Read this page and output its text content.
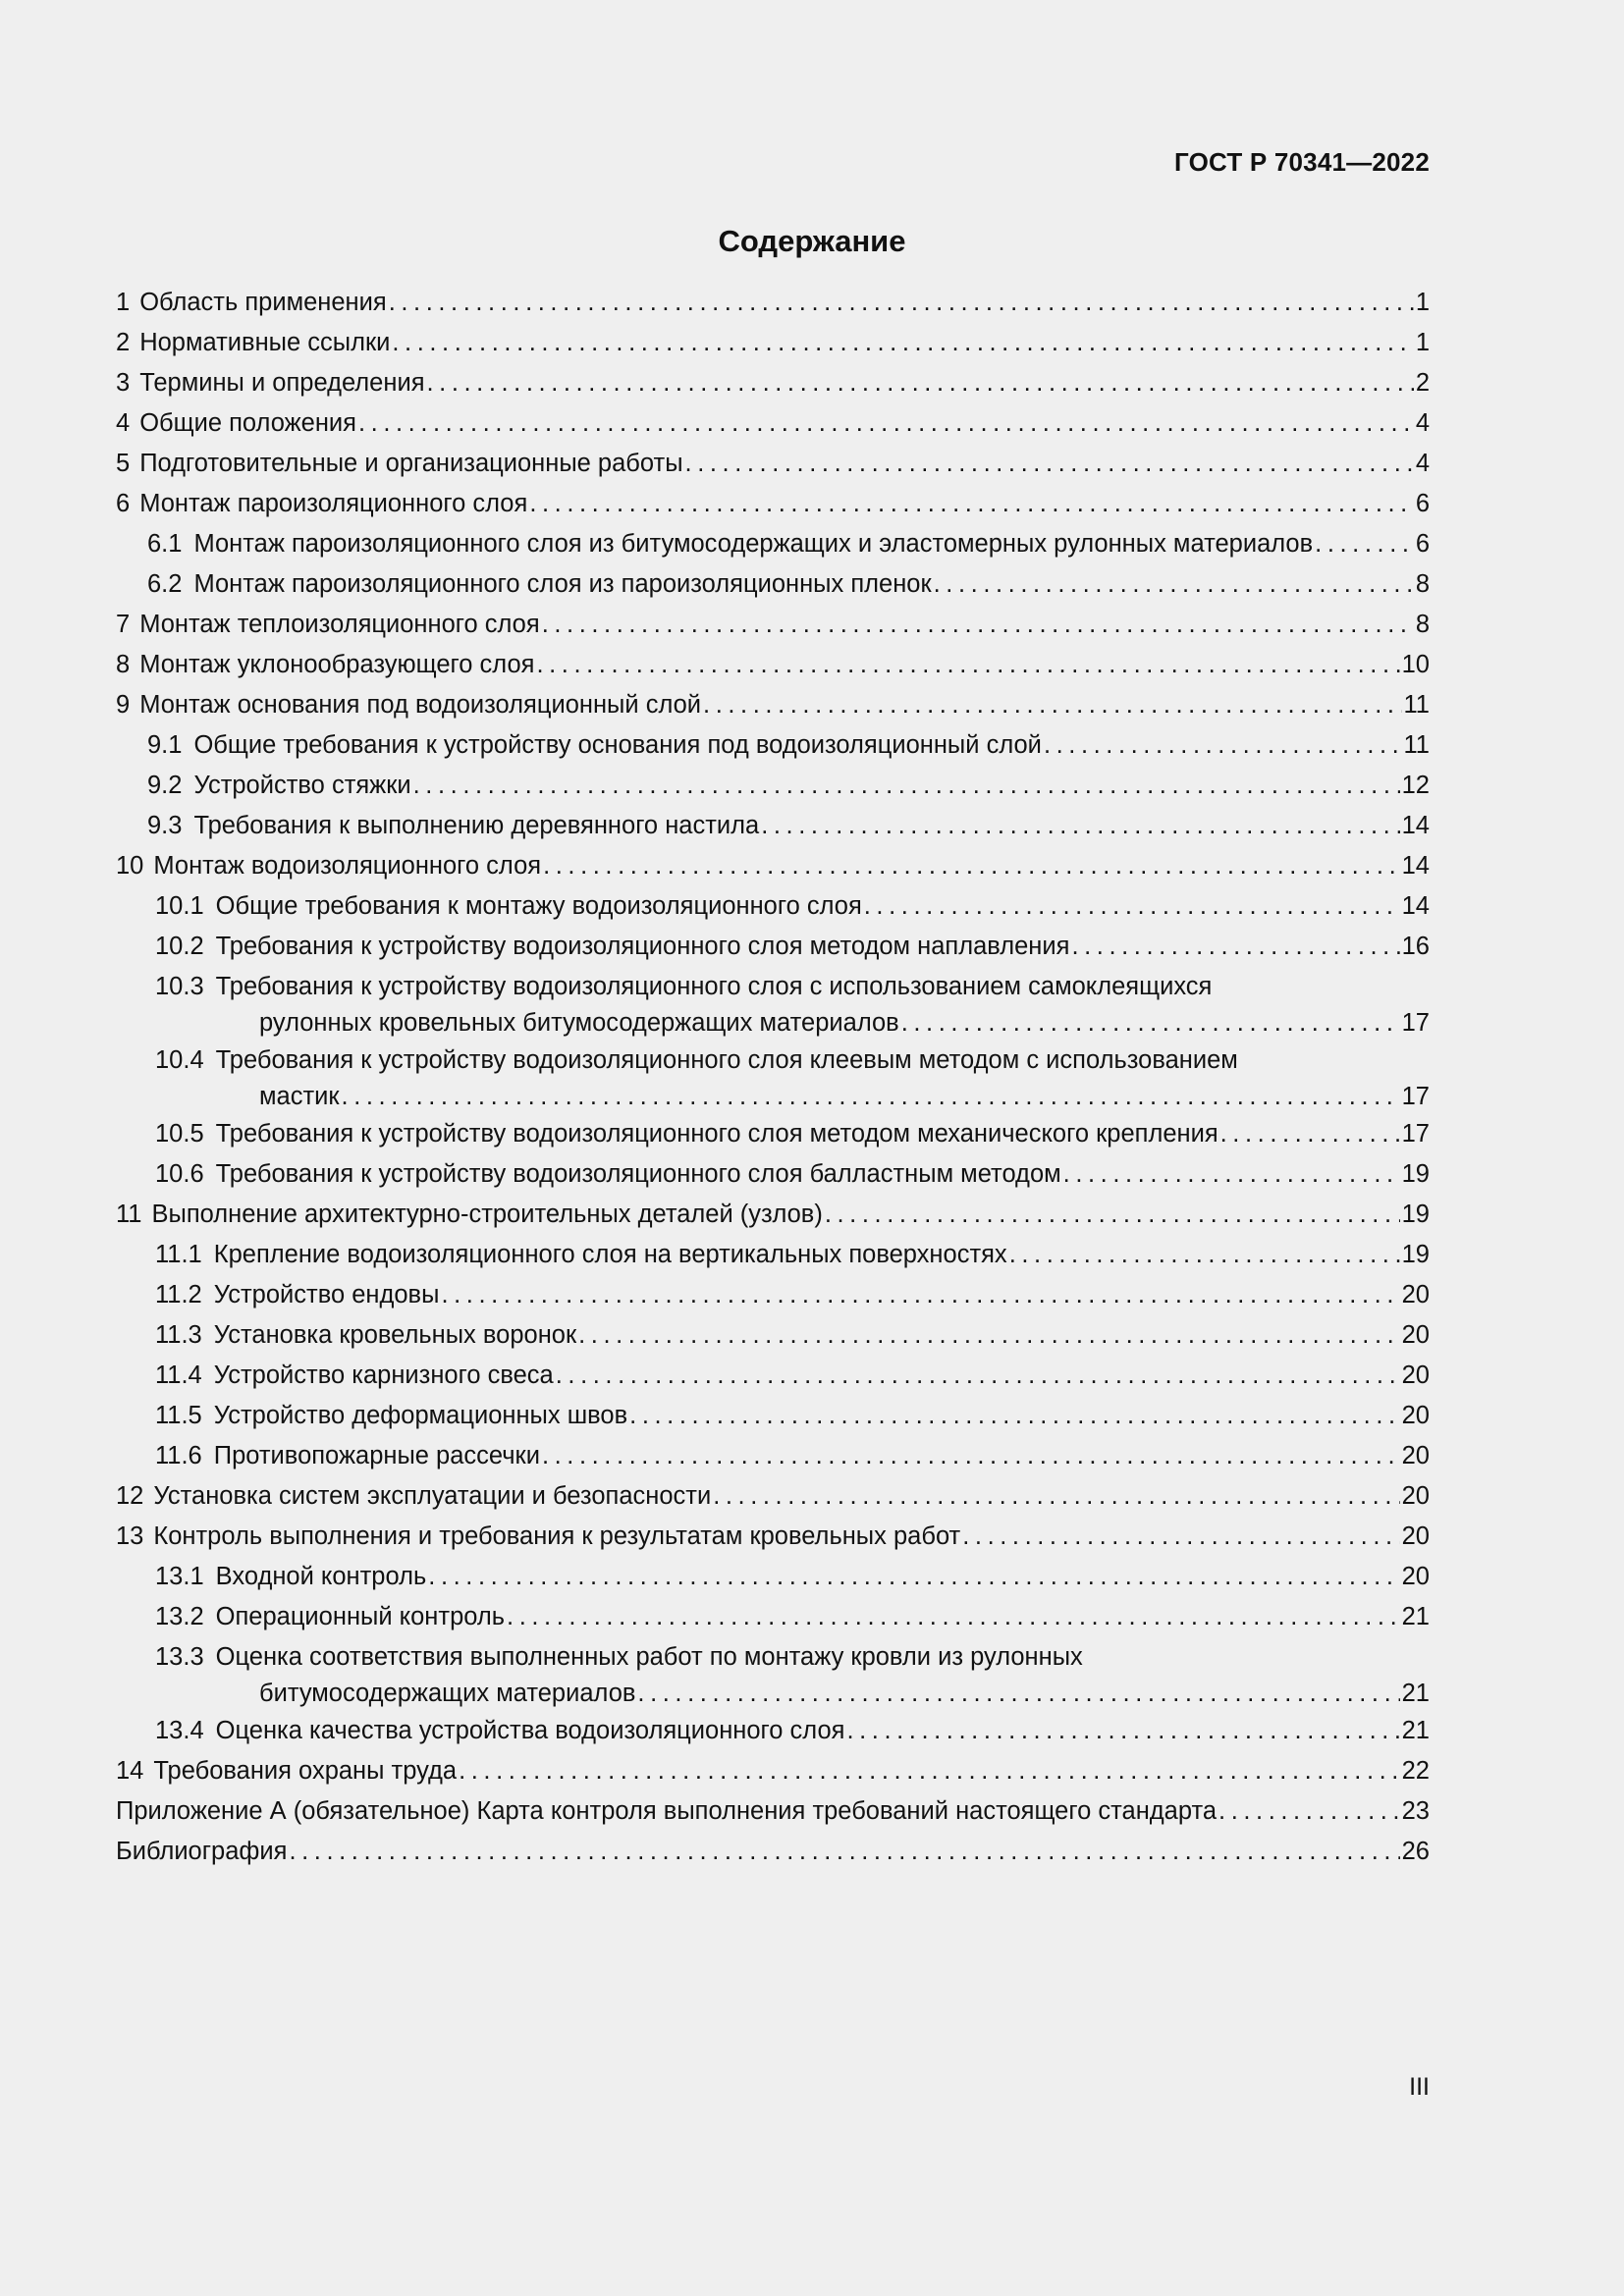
ГОСТ Р 70341—2022
Содержание
1 Область применения . . .	1
2 Нормативные ссылки . . .	1
3 Термины и определения . . .	2
4 Общие положения . . .	4
5 Подготовительные и организационные работы . . .	4
6 Монтаж пароизоляционного слоя . . .	6
6.1 Монтаж пароизоляционного слоя из битумосодержащих и эластомерных рулонных материалов . . .	6
6.2 Монтаж пароизоляционного слоя из пароизоляционных пленок . . .	8
7 Монтаж теплоизоляционного слоя . . .	8
8 Монтаж уклонообразующего слоя . . .	10
9 Монтаж основания под водоизоляционный слой . . .	11
9.1 Общие требования к устройству основания под водоизоляционный слой . . .	11
9.2 Устройство стяжки . . .	12
9.3 Требования к выполнению деревянного настила . . .	14
10 Монтаж водоизоляционного слоя . . .	14
10.1 Общие требования к монтажу водоизоляционного слоя . . .	14
10.2 Требования к устройству водоизоляционного слоя методом наплавления . . .	16
10.3 Требования к устройству водоизоляционного слоя с использованием самоклеящихся
рулонных кровельных битумосодержащих материалов . . .	17
10.4 Требования к устройству водоизоляционного слоя клеевым методом с использованием
мастик . . .	17
10.5 Требования к устройству водоизоляционного слоя методом механического крепления . . .	17
10.6 Требования к устройству водоизоляционного слоя балластным методом . . .	19
11 Выполнение архитектурно-строительных деталей (узлов) . . .	19
11.1 Крепление водоизоляционного слоя на вертикальных поверхностях . . .	19
11.2 Устройство ендовы . . .	20
11.3 Установка кровельных воронок . . .	20
11.4 Устройство карнизного свеса . . .	20
11.5 Устройство деформационных швов . . .	20
11.6 Противопожарные рассечки . . .	20
12 Установка систем эксплуатации и безопасности . . .	20
13 Контроль выполнения и требования к результатам кровельных работ . . .	20
13.1 Входной контроль . . .	20
13.2 Операционный контроль . . .	21
13.3 Оценка соответствия выполненных работ по монтажу кровли из рулонных
битумосодержащих материалов . . .	21
13.4 Оценка качества устройства водоизоляционного слоя . . .	21
14 Требования охраны труда . . .	22
Приложение А (обязательное) Карта контроля выполнения требований настоящего стандарта . . .	23
Библиография . . .	26
III
